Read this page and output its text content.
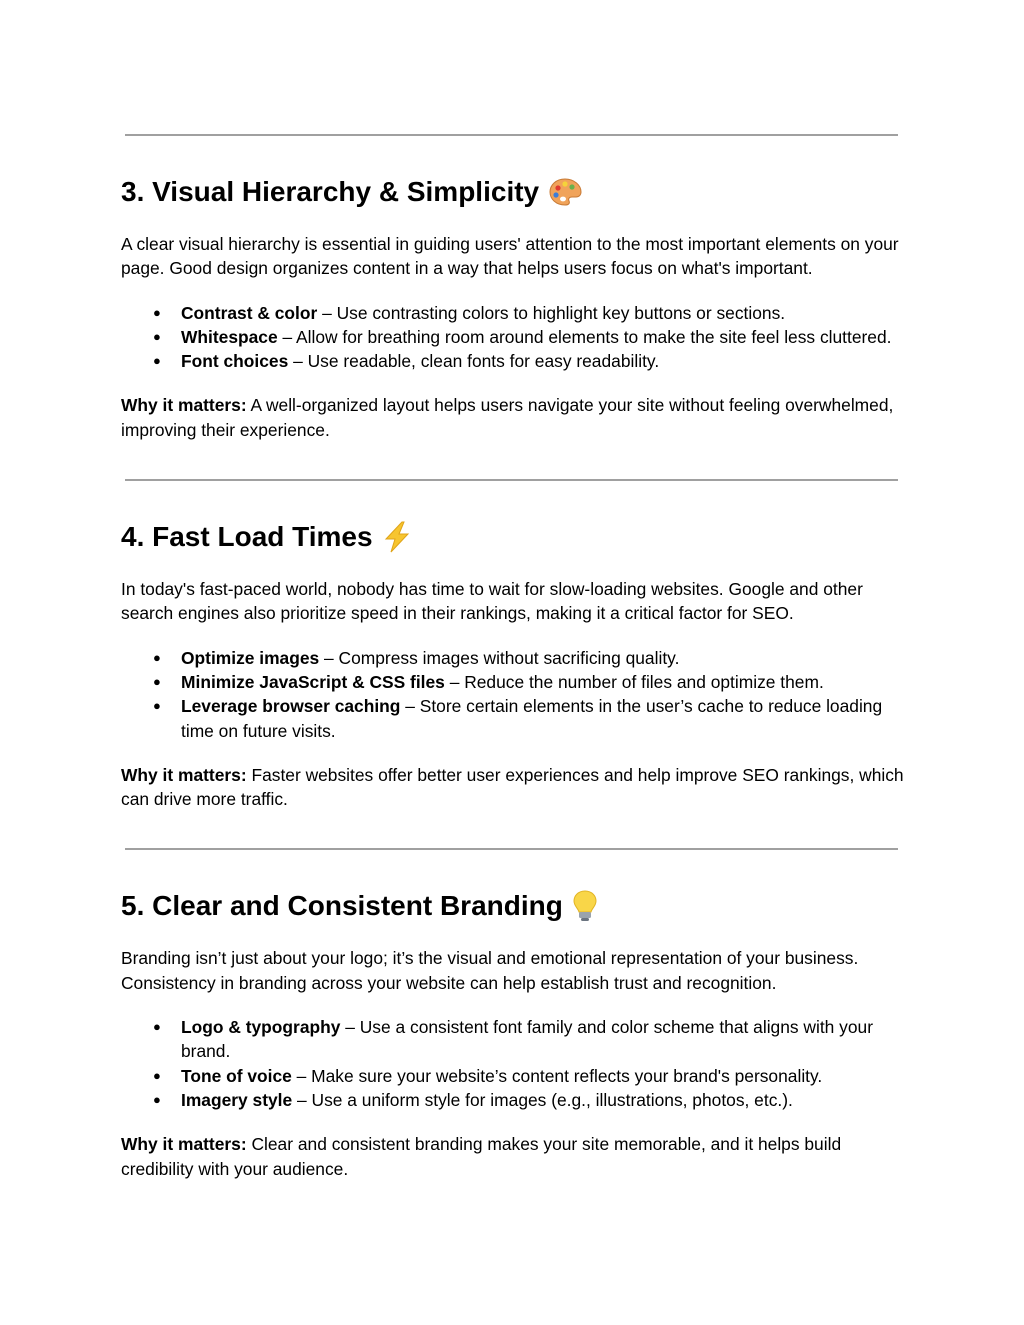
3. Visual Hierarchy & Simplicity

A clear visual hierarchy is essential in guiding users' attention to the most important elements on your page. Good design organizes content in a way that helps users focus on what's important.

● Contrast & color – Use contrasting colors to highlight key buttons or sections.
● Whitespace – Allow for breathing room around elements to make the site feel less cluttered.
● Font choices – Use readable, clean fonts for easy readability.

Why it matters: A well-organized layout helps users navigate your site without feeling overwhelmed, improving their experience.

4. Fast Load Times

In today's fast-paced world, nobody has time to wait for slow-loading websites. Google and other search engines also prioritize speed in their rankings, making it a critical factor for SEO.

● Optimize images – Compress images without sacrificing quality.
● Minimize JavaScript & CSS files – Reduce the number of files and optimize them.
● Leverage browser caching – Store certain elements in the user’s cache to reduce loading time on future visits.

Why it matters: Faster websites offer better user experiences and help improve SEO rankings, which can drive more traffic.

5. Clear and Consistent Branding

Branding isn’t just about your logo; it’s the visual and emotional representation of your business. Consistency in branding across your website can help establish trust and recognition.

● Logo & typography – Use a consistent font family and color scheme that aligns with your brand.
● Tone of voice – Make sure your website’s content reflects your brand's personality.
● Imagery style – Use a uniform style for images (e.g., illustrations, photos, etc.).

Why it matters: Clear and consistent branding makes your site memorable, and it helps build credibility with your audience.
